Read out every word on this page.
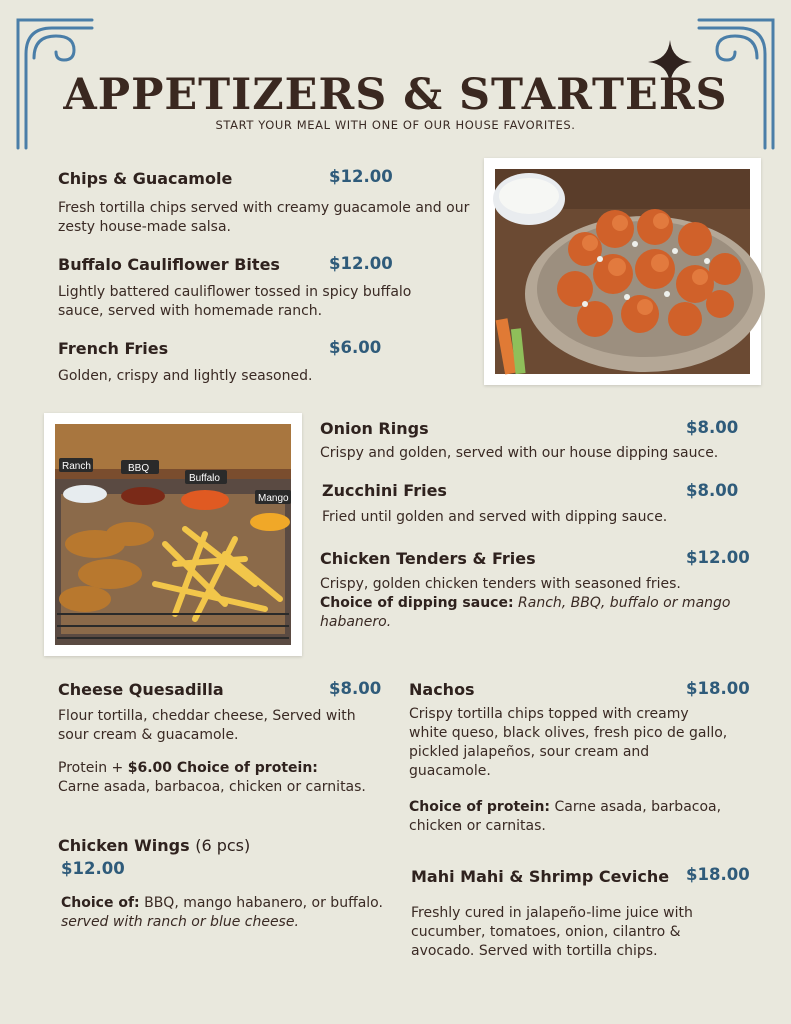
APPETIZERS & STARTERS
START YOUR MEAL WITH ONE OF OUR HOUSE FAVORITES.
Chips & Guacamole	$12.00
Fresh tortilla chips served with creamy guacamole and our zesty house-made salsa.
Buffalo Cauliflower Bites	$12.00
Lightly battered cauliflower tossed in spicy buffalo sauce, served with homemade ranch.
French Fries	$6.00
Golden, crispy and lightly seasoned.
Ranch	BBQ
Buffalo
Mango H
Onion Rings	$8.00
Crispy and golden, served with our house dipping sauce.
Zucchini Fries	$8.00
Fried until golden and served with dipping sauce.
Chicken Tenders & Fries	$12.00
Crispy, golden chicken tenders with seasoned fries.
Choice of dipping sauce: Ranch, BBQ, buffalo or mango habanero.
Cheese Quesadilla	$8.00
Flour tortilla, cheddar cheese, Served with sour cream & guacamole.
Protein + $6.00 Choice of protein:
Carne asada, barbacoa, chicken or carnitas.
Chicken Wings (6 pcs)
$12.00
Choice of: BBQ, mango habanero, or buffalo. served with ranch or blue cheese.
Nachos	$18.00
Crispy tortilla chips topped with creamy white queso, black olives, fresh pico de gallo, pickled jalapeños, sour cream and guacamole.
Choice of protein: Carne asada, barbacoa, chicken or carnitas.
Mahi Mahi & Shrimp Ceviche $18.00
Freshly cured in jalapeño-lime juice with cucumber, tomatoes, onion, cilantro & avocado. Served with tortilla chips.
